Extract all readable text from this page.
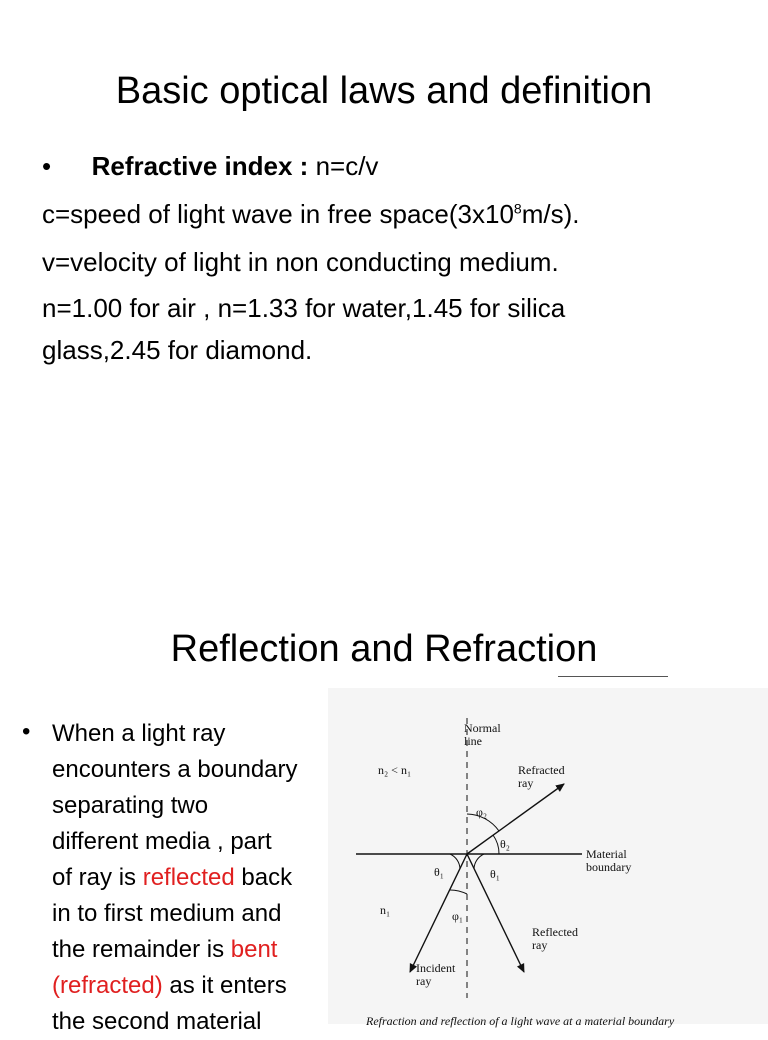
Basic optical laws and definition
• Refractive index : n=c/v
c=speed of light wave in free $space(3x10^8m/s)$.
v=velocity of light in non conducting medium.
n=1.00 for air , n=1.33 for water,1.45 for silica
glass,2.45 for diamond.
Reflection and Refraction
• When a light ray
encounters a boundary
separating two
different media , part
of ray is reflected back
in to first medium and
the remainder is bent
(refracted) as it enters
the second material
Normal
line
n₂ < n₁	Refracted
ray
Material
boundary
n₁
Reflected
ray
Incident
ray
φ₂
θ₂
θ₁	θ₁
φ₁
Refraction and reflection of a light wave at a material boundary
